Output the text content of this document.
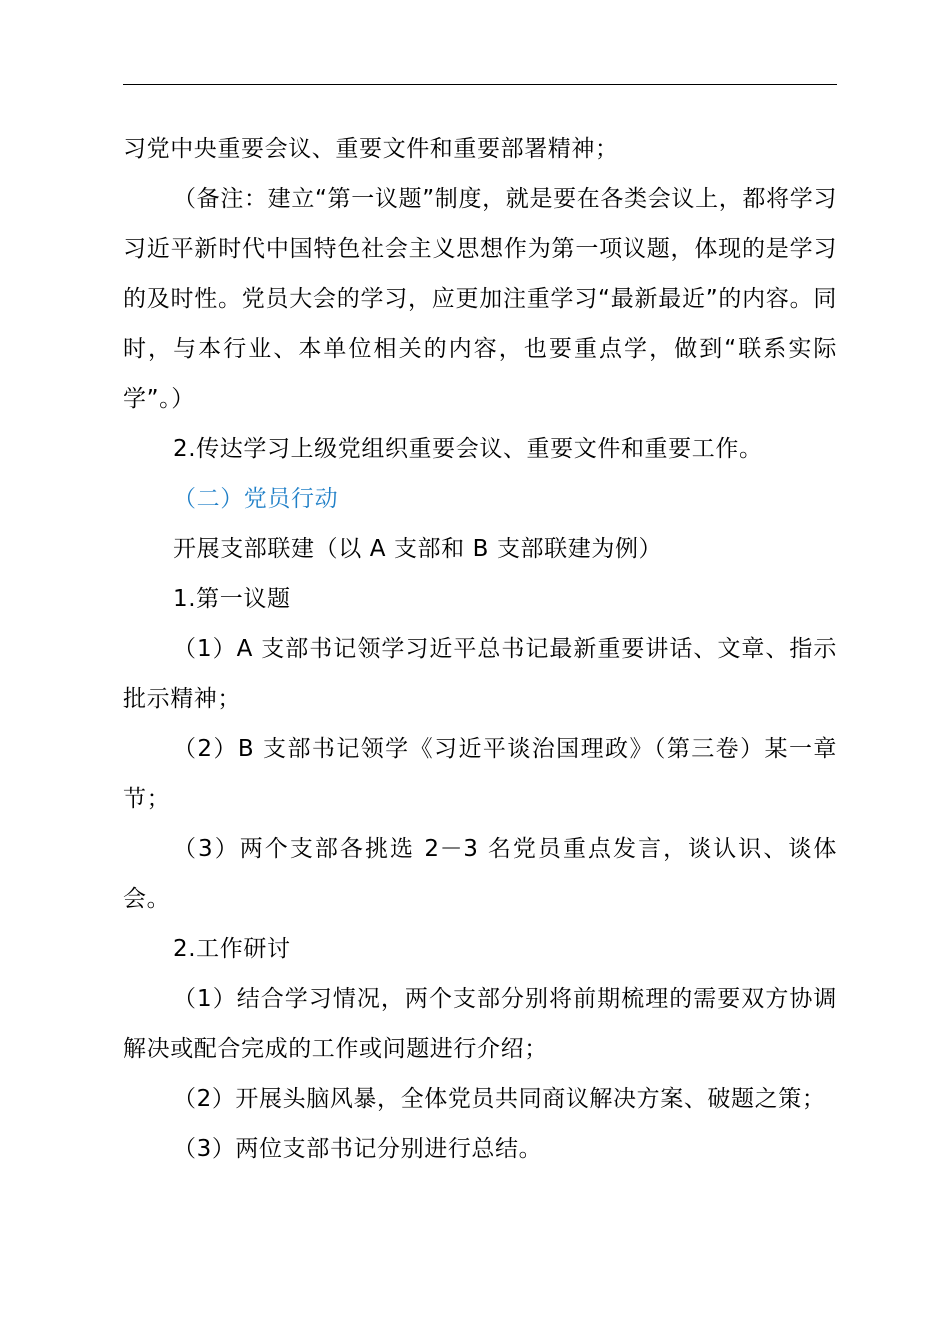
习党中央重要会议、重要文件和重要部署精神；

（备注：建立“第一议题”制度，就是要在各类会议上，都将学习习近平新时代中国特色社会主义思想作为第一项议题，体现的是学习的及时性。党员大会的学习，应更加注重学习“最新最近”的内容。同时，与本行业、本单位相关的内容，也要重点学，做到“联系实际学”。）

2.传达学习上级党组织重要会议、重要文件和重要工作。

（二）党员行动

开展支部联建（以 A 支部和 B 支部联建为例）

1.第一议题

（1）A 支部书记领学习近平总书记最新重要讲话、文章、指示批示精神；

（2）B 支部书记领学《习近平谈治国理政》（第三卷）某一章节；

（3）两个支部各挑选 2－3 名党员重点发言，谈认识、谈体会。

2.工作研讨

（1）结合学习情况，两个支部分别将前期梳理的需要双方协调解决或配合完成的工作或问题进行介绍；

（2）开展头脑风暴，全体党员共同商议解决方案、破题之策；

（3）两位支部书记分别进行总结。
